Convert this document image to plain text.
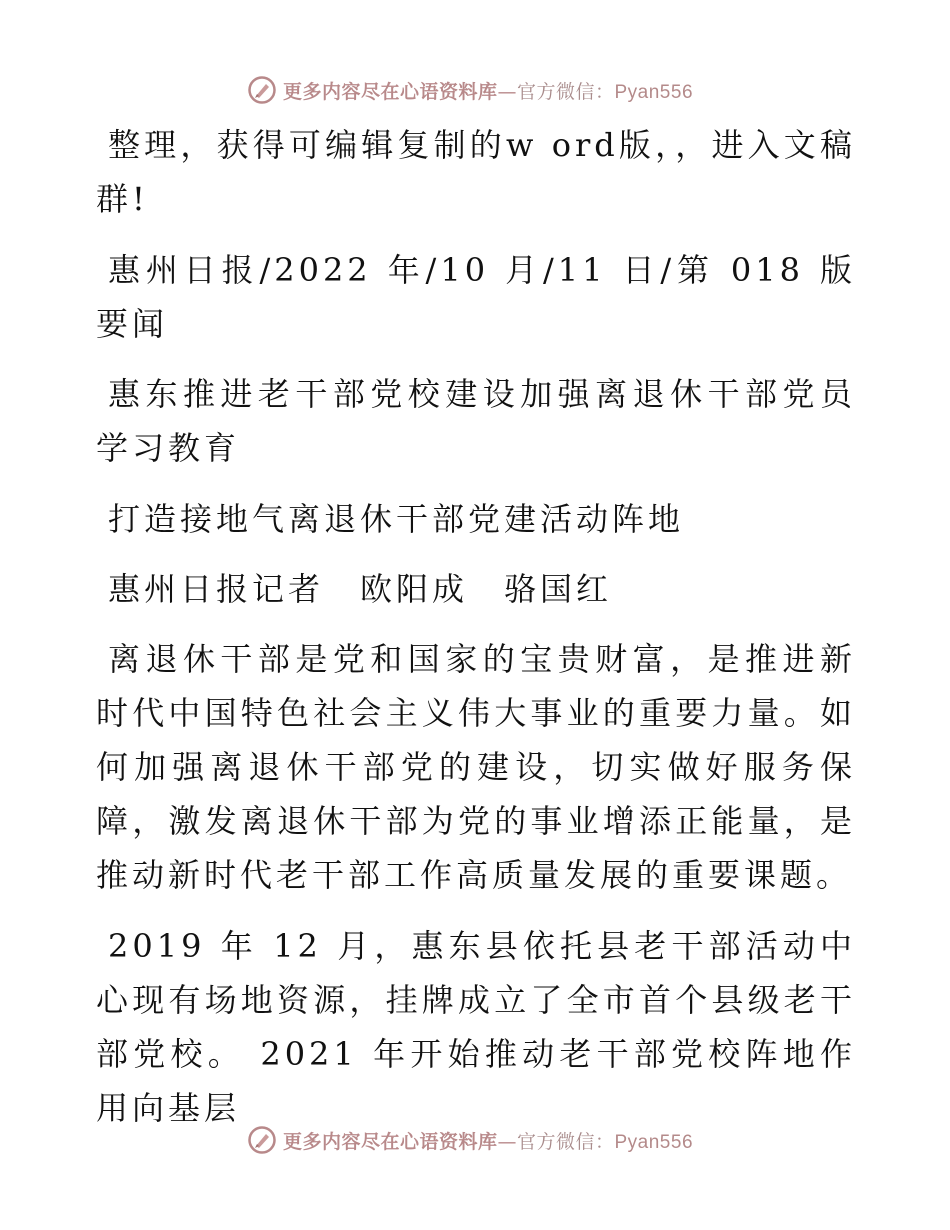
更多内容尽在心语资料库—官方微信：Pyan556

整理，获得可编辑复制的w ord版，，进入文稿群!

惠州日报/2022 年/10 月/11 日/第 018 版要闻

惠东推进老干部党校建设加强离退休干部党员学习教育

打造接地气离退休干部党建活动阵地

惠州日报记者　欧阳成　骆国红

离退休干部是党和国家的宝贵财富，是推进新时代中国特色社会主义伟大事业的重要力量。如何加强离退休干部党的建设，切实做好服务保障，激发离退休干部为党的事业增添正能量，是推动新时代老干部工作高质量发展的重要课题。

2019 年 12 月，惠东县依托县老干部活动中心现有场地资源，挂牌成立了全市首个县级老干部党校。 2021 年开始推动老干部党校阵地作用向基层

更多内容尽在心语资料库—官方微信：Pyan556
